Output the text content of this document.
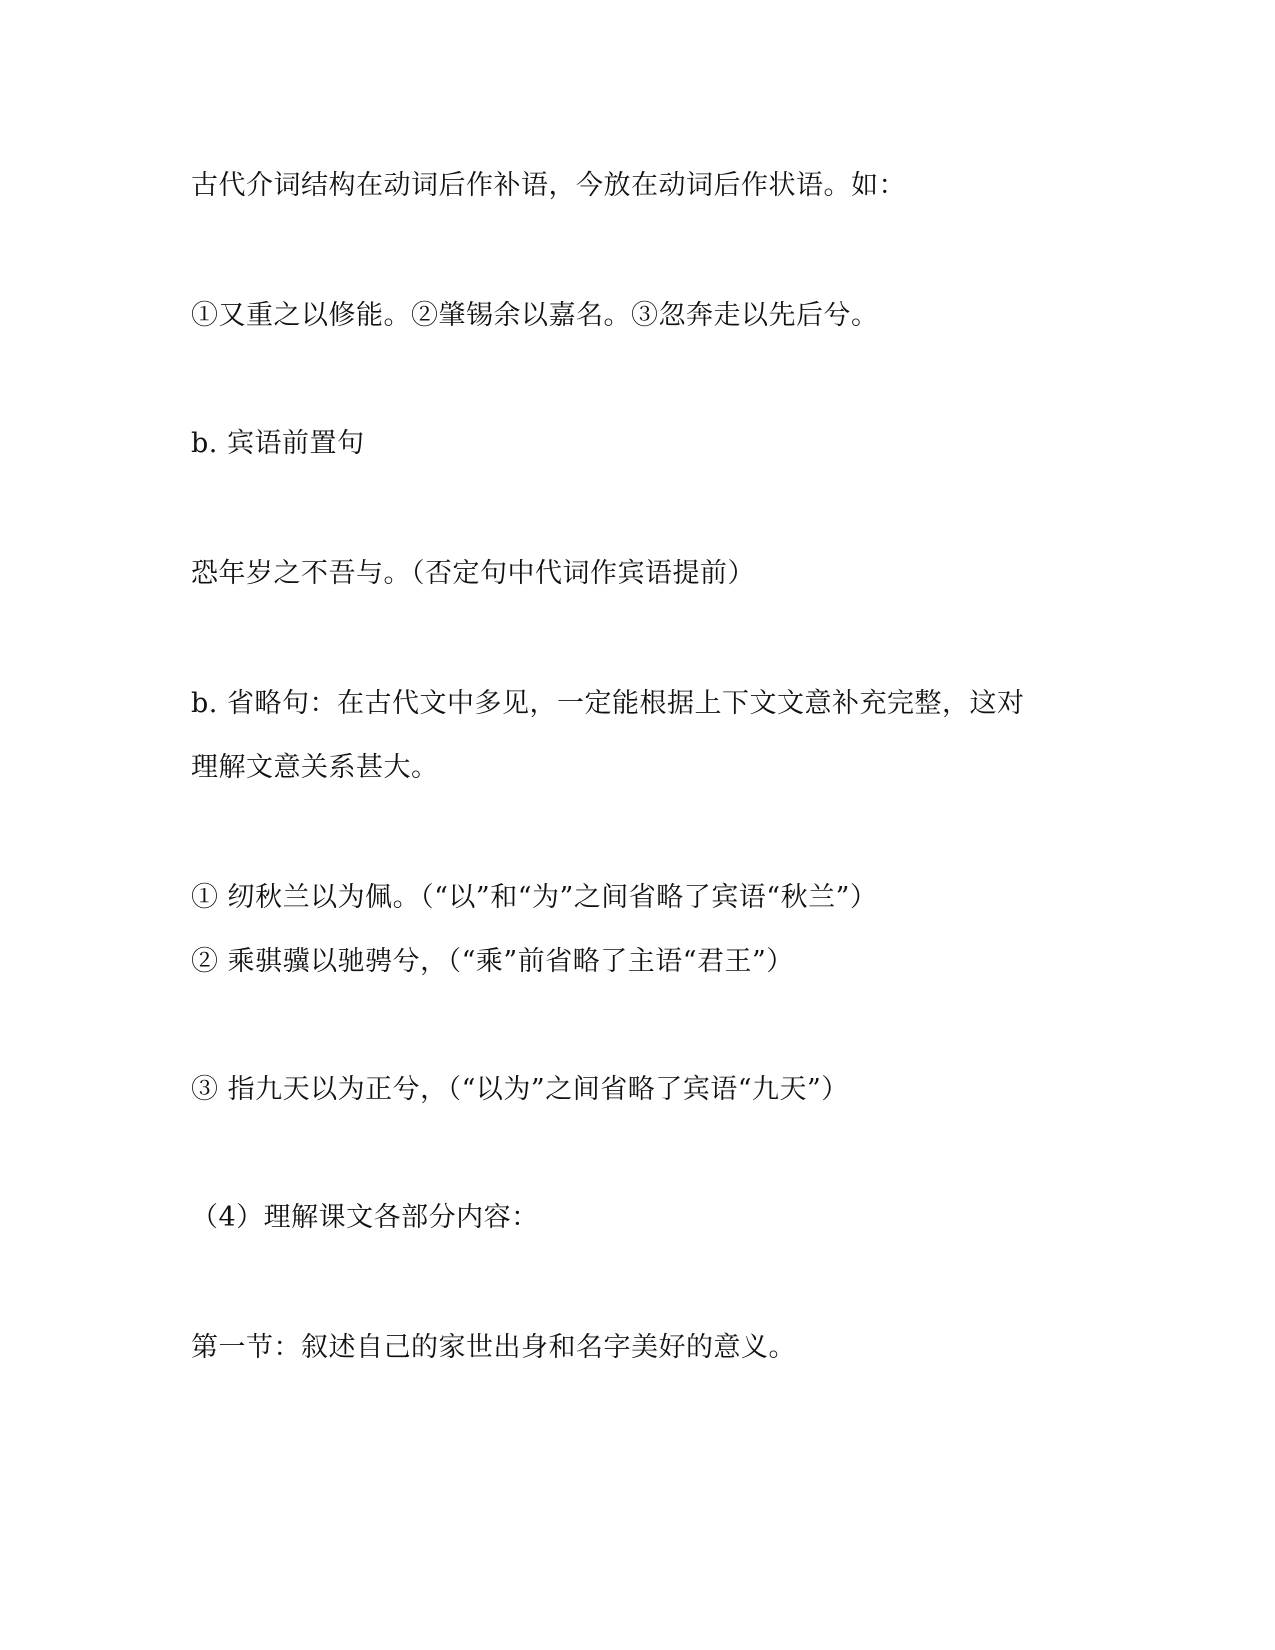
古代介词结构在动词后作补语，今放在动词后作状语。如：
①又重之以修能。②肇锡余以嘉名。③忽奔走以先后兮。
b. 宾语前置句
恐年岁之不吾与。（否定句中代词作宾语提前）
b. 省略句：在古代文中多见，一定能根据上下文文意补充完整，这对
理解文意关系甚大。
① 纫秋兰以为佩。（“以”和“为”之间省略了宾语“秋兰”）
② 乘骐骥以驰骋兮，（“乘”前省略了主语“君王”）
③ 指九天以为正兮，（“以为”之间省略了宾语“九天”）
（4）理解课文各部分内容：
第一节：叙述自己的家世出身和名字美好的意义。
